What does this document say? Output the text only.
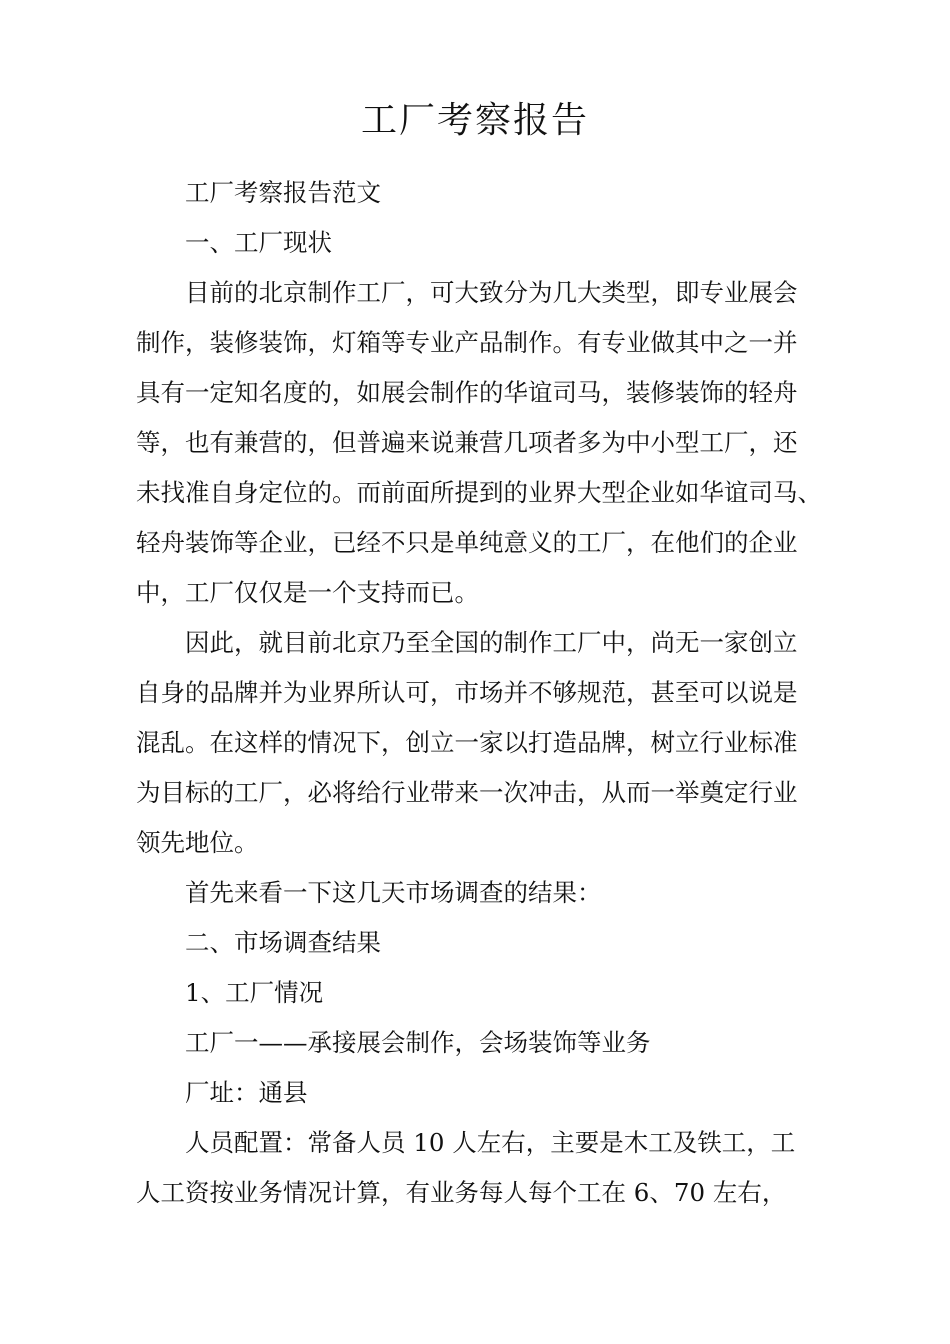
工厂考察报告

工厂考察报告范文

一、工厂现状

目前的北京制作工厂，可大致分为几大类型，即专业展会
制作，装修装饰，灯箱等专业产品制作。有专业做其中之一并
具有一定知名度的，如展会制作的华谊司马，装修装饰的轻舟
等，也有兼营的，但普遍来说兼营几项者多为中小型工厂，还
未找准自身定位的。而前面所提到的业界大型企业如华谊司马、
轻舟装饰等企业，已经不只是单纯意义的工厂，在他们的企业
中，工厂仅仅是一个支持而已。

因此，就目前北京乃至全国的制作工厂中，尚无一家创立
自身的品牌并为业界所认可，市场并不够规范，甚至可以说是
混乱。在这样的情况下，创立一家以打造品牌，树立行业标准
为目标的工厂，必将给行业带来一次冲击，从而一举奠定行业
领先地位。

首先来看一下这几天市场调查的结果：

二、市场调查结果

1、工厂情况

工厂一——承接展会制作，会场装饰等业务

厂址：通县

人员配置：常备人员 10 人左右，主要是木工及铁工，工
人工资按业务情况计算，有业务每人每个工在 6、70 左右，
